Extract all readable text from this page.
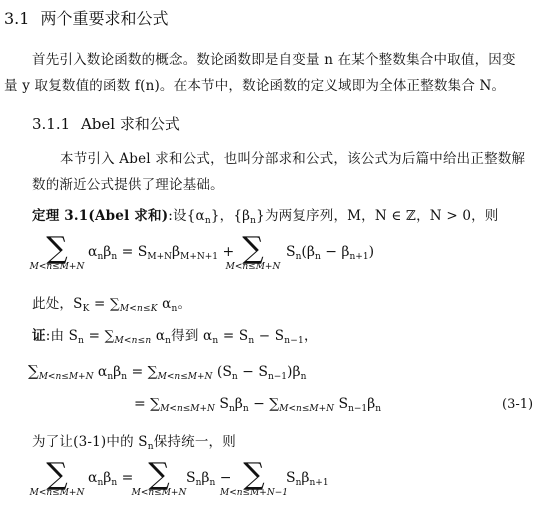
3.1 两个重要求和公式
首先引入数论函数的概念。数论函数即是自变量 n 在某个整数集合中取值，因变
量 y 取复数值的函数 f(n)。在本节中，数论函数的定义域即为全体正整数集合 N。
3.1.1 Abel 求和公式
本节引入 Abel 求和公式，也叫分部求和公式，该公式为后篇中给出正整数解
数的渐近公式提供了理论基础。
定理 3.1(Abel 求和):设$\{\alpha_n\}$，$\{\beta_n\}$为两复序列，M，N ∈ ℤ，N > 0，则
∑
M<n≤M+N
$\alpha_n\beta_n = S_{M+N}\beta_{M+N+1}$ + ∑
M<n≤M+N
$S_n(\beta_n - \beta_{n+1})$
此处，$S_K = \sum_{M<n\le K}$ $\alpha_n$。
证:由 $S_n = \sum_{M<n\le n}$ $\alpha_n$得到 $\alpha_n = S_n - S_{n-1}$，
$\sum_{M<n\le M+N}$ $\alpha_n\beta_n = \sum_{M<n\le M+N}$ $(S_n - S_{n-1})\beta_n$
= $\sum_{M<n\le M+N}$ $S_n\beta_n - \sum_{M<n\le M+N}$ $S_{n-1}\beta_n$	(3-1)
为了让(3-1)中的 $S_n$保持统一，则
∑
M<n≤M+N
$\alpha_n\beta_n$ = ∑
M<n≤M+N
$S_n\beta_n$ − ∑
M<n≤M+N−1
$S_n\beta_{n+1}$
